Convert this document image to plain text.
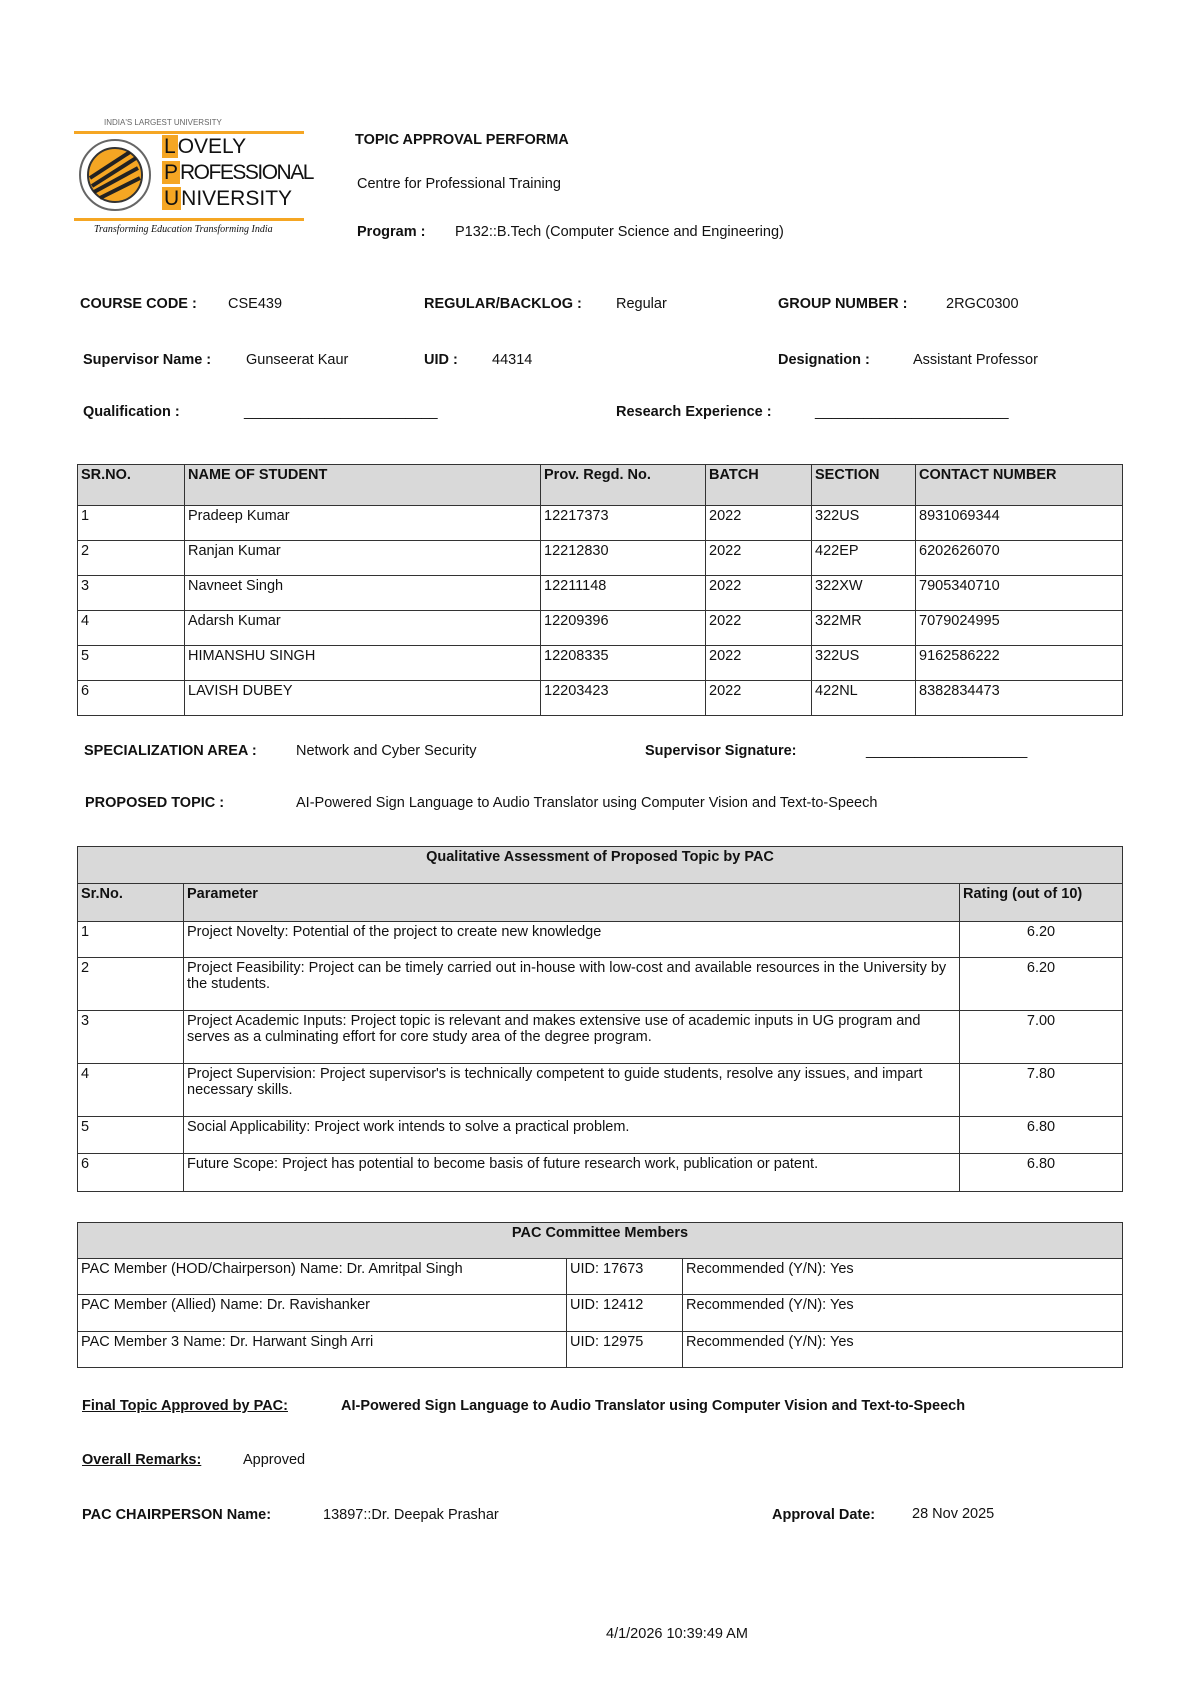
INDIA'S LARGEST UNIVERSITY
LOVELY
PROFESSIONAL
UNIVERSITY
Transforming Education Transforming India
TOPIC APPROVAL PERFORMA
Centre for Professional Training
Program : P132::B.Tech (Computer Science and Engineering)
COURSE CODE : CSE439	REGULAR/BACKLOG : Regular	GROUP NUMBER :	2RGC0300
Supervisor Name : Gunseerat Kaur	UID : 44314	Designation :	Assistant Professor
Qualification :	________________________	Research Experience :	________________________
SR.NO.	NAME OF STUDENT	Prov. Regd. No.	BATCH	SECTION	CONTACT NUMBER
1	Pradeep Kumar	12217373	2022	322US	8931069344
2	Ranjan Kumar	12212830	2022	422EP	6202626070
3	Navneet Singh	12211148	2022	322XW	7905340710
4	Adarsh Kumar	12209396	2022	322MR	7079024995
5	HIMANSHU SINGH	12208335	2022	322US	9162586222
6	LAVISH DUBEY	12203423	2022	422NL	8382834473
SPECIALIZATION AREA :	Network and Cyber Security	Supervisor Signature:	____________________
PROPOSED TOPIC :	AI-Powered Sign Language to Audio Translator using Computer Vision and Text-to-Speech
Qualitative Assessment of Proposed Topic by PAC		
Sr.No.	Parameter	Rating (out of 10)
1	Project Novelty: Potential of the project to create new knowledge	6.20
2	Project Feasibility: Project can be timely carried out in-house with low-cost and available resources in the University by the students.	6.20
3	Project Academic Inputs: Project topic is relevant and makes extensive use of academic inputs in UG program and serves as a culminating effort for core study area of the degree program.	7.00
4	Project Supervision: Project supervisor's is technically competent to guide students, resolve any issues, and impart necessary skills.	7.80
5	Social Applicability: Project work intends to solve a practical problem.	6.80
6	Future Scope: Project has potential to become basis of future research work, publication or patent.	6.80
PAC Committee Members		
PAC Member (HOD/Chairperson) Name: Dr. Amritpal Singh	UID: 17673	Recommended (Y/N): Yes
PAC Member (Allied) Name: Dr. Ravishanker	UID: 12412	Recommended (Y/N): Yes
PAC Member 3 Name: Dr. Harwant Singh Arri	UID: 12975	Recommended (Y/N): Yes
Final Topic Approved by PAC:	AI-Powered Sign Language to Audio Translator using Computer Vision and Text-to-Speech
Overall Remarks:	Approved
PAC CHAIRPERSON Name:	13897::Dr. Deepak Prashar	Approval Date:	28 Nov 2025
4/1/2026 10:39:49 AM
